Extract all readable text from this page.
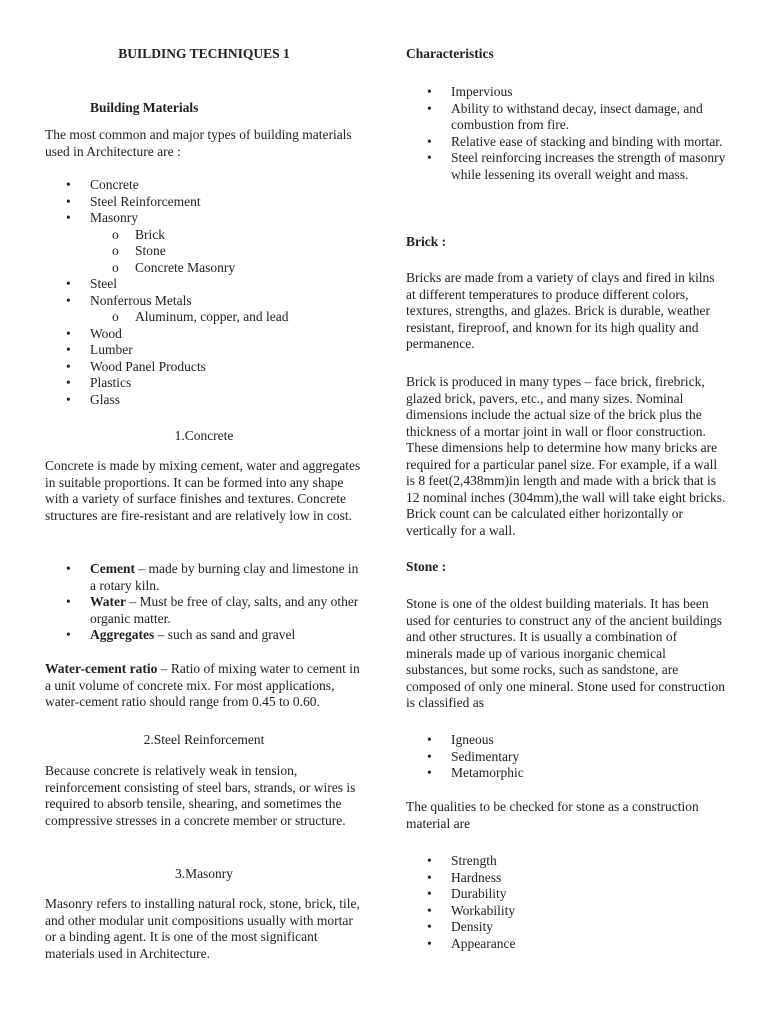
BUILDING TECHNIQUES 1
Building Materials

The most common and major types of building materials used in Architecture are :

• Concrete
• Steel Reinforcement
• Masonry
o Brick
o Stone
o Concrete Masonry
• Steel
• Nonferrous Metals
o Aluminum, copper, and lead
• Wood
• Lumber
• Wood Panel Products
• Plastics
• Glass
1.Concrete

Concrete is made by mixing cement, water and aggregates in suitable proportions. It can be formed into any shape with a variety of surface finishes and textures. Concrete structures are fire-resistant and are relatively low in cost.

• Cement – made by burning clay and limestone in a rotary kiln.
• Water – Must be free of clay, salts, and any other organic matter.
• Aggregates – such as sand and gravel

Water-cement ratio – Ratio of mixing water to cement in a unit volume of concrete mix. For most applications, water-cement ratio should range from 0.45 to 0.60.

2.Steel Reinforcement

Because concrete is relatively weak in tension, reinforcement consisting of steel bars, strands, or wires is required to absorb tensile, shearing, and sometimes the compressive stresses in a concrete member or structure.

3.Masonry

Masonry refers to installing natural rock, stone, brick, tile, and other modular unit compositions usually with mortar or a binding agent. It is one of the most significant materials used in Architecture.

Characteristics
• Impervious
• Ability to withstand decay, insect damage, and combustion from fire.
• Relative ease of stacking and binding with mortar.
• Steel reinforcing increases the strength of masonry while lessening its overall weight and mass.
Brick :

Bricks are made from a variety of clays and fired in kilns at different temperatures to produce different colors, textures, strengths, and glazes. Brick is durable, weather resistant, fireproof, and known for its high quality and permanence.

Brick is produced in many types – face brick, firebrick, glazed brick, pavers, etc., and many sizes. Nominal dimensions include the actual size of the brick plus the thickness of a mortar joint in wall or floor construction. These dimensions help to determine how many bricks are required for a particular panel size. For example, if a wall is 8 feet(2,438mm)in length and made with a brick that is 12 nominal inches (304mm),the wall will take eight bricks. Brick count can be calculated either horizontally or vertically for a wall.

Stone :

Stone is one of the oldest building materials. It has been used for centuries to construct any of the ancient buildings and other structures. It is usually a combination of minerals made up of various inorganic chemical substances, but some rocks, such as sandstone, are composed of only one mineral. Stone used for construction is classified as

• Igneous
• Sedimentary
• Metamorphic

The qualities to be checked for stone as a construction material are

• Strength
• Hardness
• Durability
• Workability
• Density
• Appearance
